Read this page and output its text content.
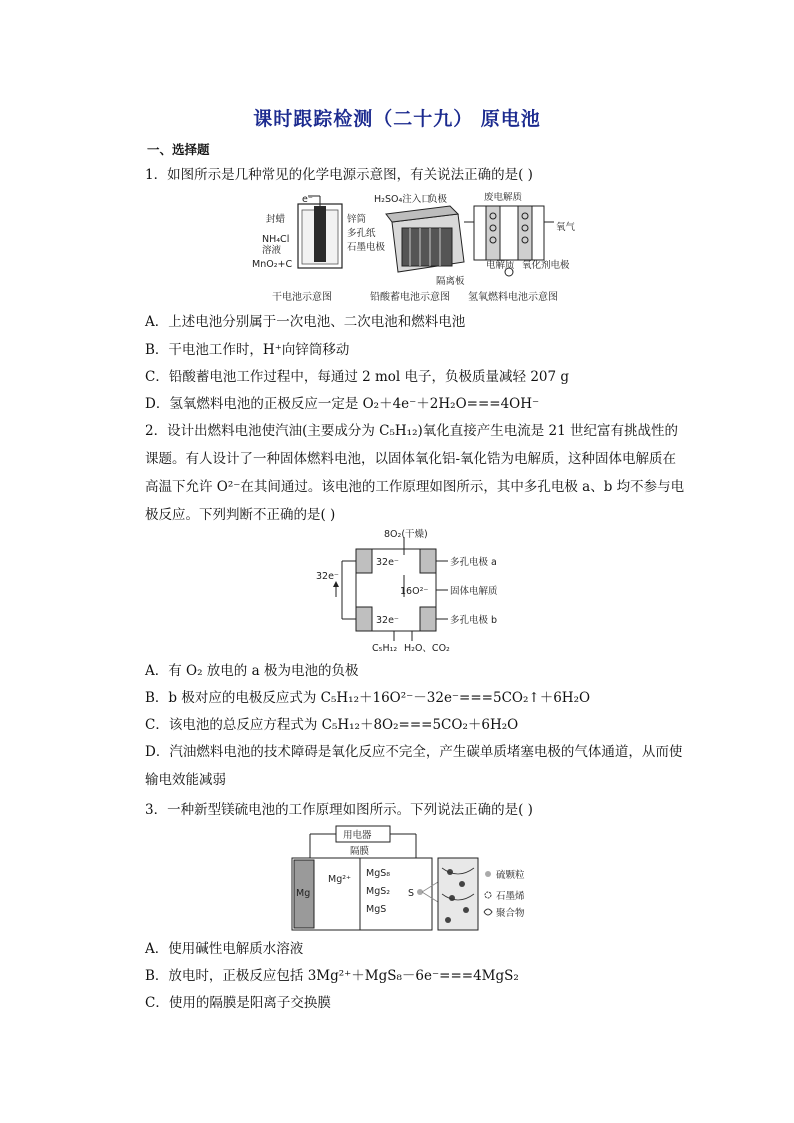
课时跟踪检测（二十九） 原电池
一、选择题
1．如图所示是几种常见的化学电源示意图，有关说法正确的是( )
e⁻
封蜡
NH₄Cl
溶液
MnO₂+C
锌筒
多孔纸
石墨电极
干电池示意图
H₂SO₄注入口
负极
隔离板
铅酸蓄电池示意图
废电解质
氧气
电解质 氧化剂电极
氢氧燃料电池示意图
A．上述电池分别属于一次电池、二次电池和燃料电池
B．干电池工作时，H⁺向锌筒移动
C．铅酸蓄电池工作过程中，每通过 2 mol 电子，负极质量减轻 207 g
D．氢氧燃料电池的正极反应一定是 O₂＋4e⁻＋2H₂O===4OH⁻
2．设计出燃料电池使汽油(主要成分为 C₅H₁₂)氧化直接产生电流是 21 世纪富有挑战性的课题。有人设计了一种固体燃料电池，以固体氧化铝-氧化锆为电解质，这种固体电解质在高温下允许 O²⁻在其间通过。该电池的工作原理如图所示，其中多孔电极 a、b 均不参与电极反应。下列判断不正确的是( )
8O₂(干燥)
32e⁻
32e⁻
32e⁻
16O²⁻
多孔电极 a
固体电解质
多孔电极 b
C₅H₁₂ H₂O、CO₂
A．有 O₂ 放电的 a 极为电池的负极
B．b 极对应的电极反应式为 C₅H₁₂＋16O²⁻－32e⁻===5CO₂↑＋6H₂O
C．该电池的总反应方程式为 C₅H₁₂＋8O₂===5CO₂＋6H₂O
D．汽油燃料电池的技术障碍是氧化反应不完全，产生碳单质堵塞电极的气体通道，从而使输电效能减弱
3．一种新型镁硫电池的工作原理如图所示。下列说法正确的是( )
用电器
隔膜
Mg
Mg²⁺
MgS₈
MgS₂
MgS
S
硫颗粒
石墨烯
聚合物
A．使用碱性电解质水溶液
B．放电时，正极反应包括 3Mg²⁺＋MgS₈－6e⁻===4MgS₂
C．使用的隔膜是阳离子交换膜
